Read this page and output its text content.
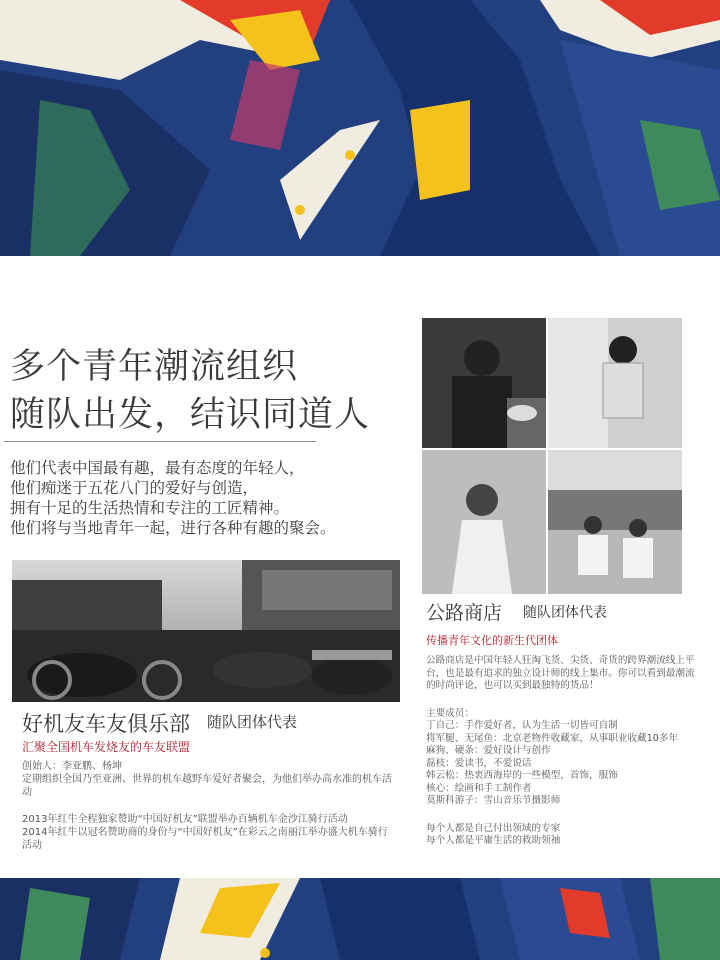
多个青年潮流组织
随队出发，结识同道人
他们代表中国最有趣，最有态度的年轻人，
他们痴迷于五花八门的爱好与创造，
拥有十足的生活热情和专注的工匠精神。
他们将与当地青年一起，进行各种有趣的聚会。
好机友车友俱乐部 随队团体代表
汇聚全国机车发烧友的车友联盟

创始人：李亚鹏、杨坤

定期组织全国乃至亚洲、世界的机车越野车爱好者聚会，为他们举办高水准的机车活动

2013年红牛全程独家赞助“中国好机友”联盟举办百辆机车金沙江骑行活动

2014年红牛以冠名赞助商的身份与“中国好机友”在彩云之南丽江举办盛大机车骑行活动

公路商店 随队团体代表
传播青年文化的新生代团体

公路商店是中国年轻人狂淘飞货、尖货、奇货的跨界潮流线上平台，也是最有追求的独立设计师的线上集市。你可以看到最潮流的时尚评论，也可以买到最独特的货品！

主要成员：

丁自己：手作爱好者，认为生活一切皆可自制

将军腿、无尾鱼：北京老物件收藏家，从事职业收藏10多年

麻狗、硬条：爱好设计与创作

磊枝：爱读书，不爱说话

韩云松：热衷西海岸的一些模型，首饰，服饰

核心：绘画和手工制作者

莫斯科游子：雪山音乐节摄影师

每个人都是自己付出领域的专家

每个人都是平庸生活的救助领袖
